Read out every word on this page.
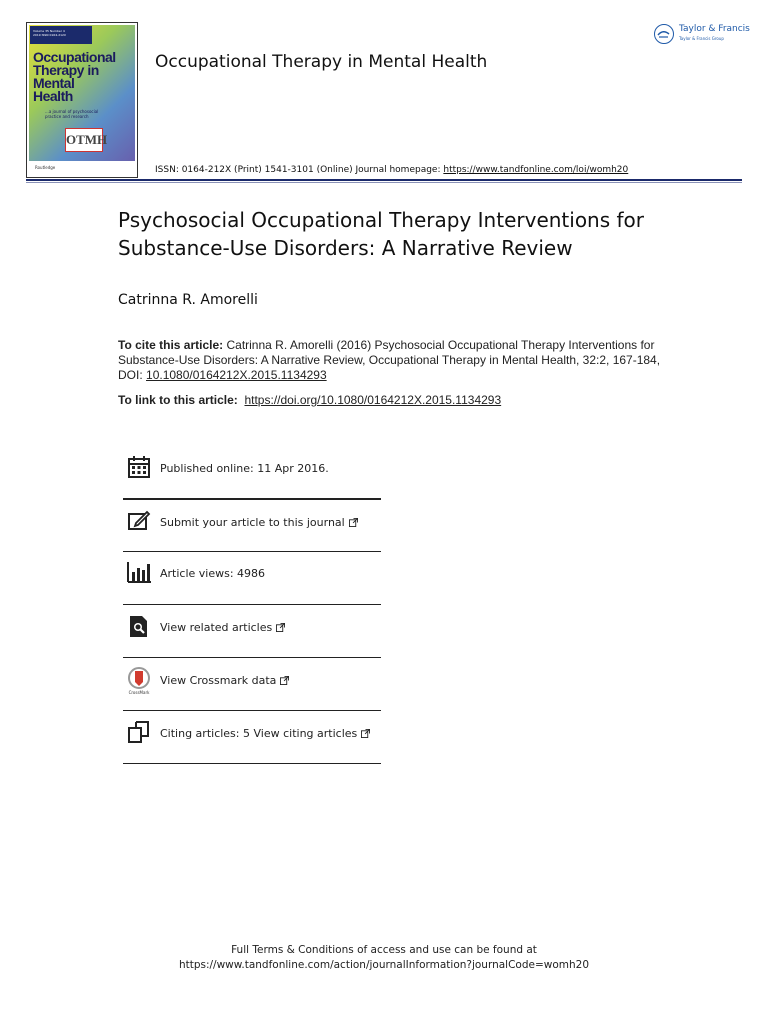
Volume 35 Number 4
2019 ISSN 0164-212X
Occupational Therapy in Mental Health
...a journal of psychosocial practice and research
OTMH
Routledge
Occupational Therapy in Mental Health
ISSN: 0164-212X (Print) 1541-3101 (Online) Journal homepage: https://www.tandfonline.com/loi/womh20
Taylor & Francis
Taylor & Francis Group
Psychosocial Occupational Therapy Interventions for Substance-Use Disorders: A Narrative Review
Catrinna R. Amorelli
To cite this article: Catrinna R. Amorelli (2016) Psychosocial Occupational Therapy Interventions for Substance-Use Disorders: A Narrative Review, Occupational Therapy in Mental Health, 32:2, 167-184, DOI: 10.1080/0164212X.2015.1134293
To link to this article: https://doi.org/10.1080/0164212X.2015.1134293
Published online: 11 Apr 2016.
Submit your article to this journal
Article views: 4986
View related articles
CrossMark
View Crossmark data
Citing articles: 5 View citing articles
Full Terms & Conditions of access and use can be found at
https://www.tandfonline.com/action/journalInformation?journalCode=womh20
